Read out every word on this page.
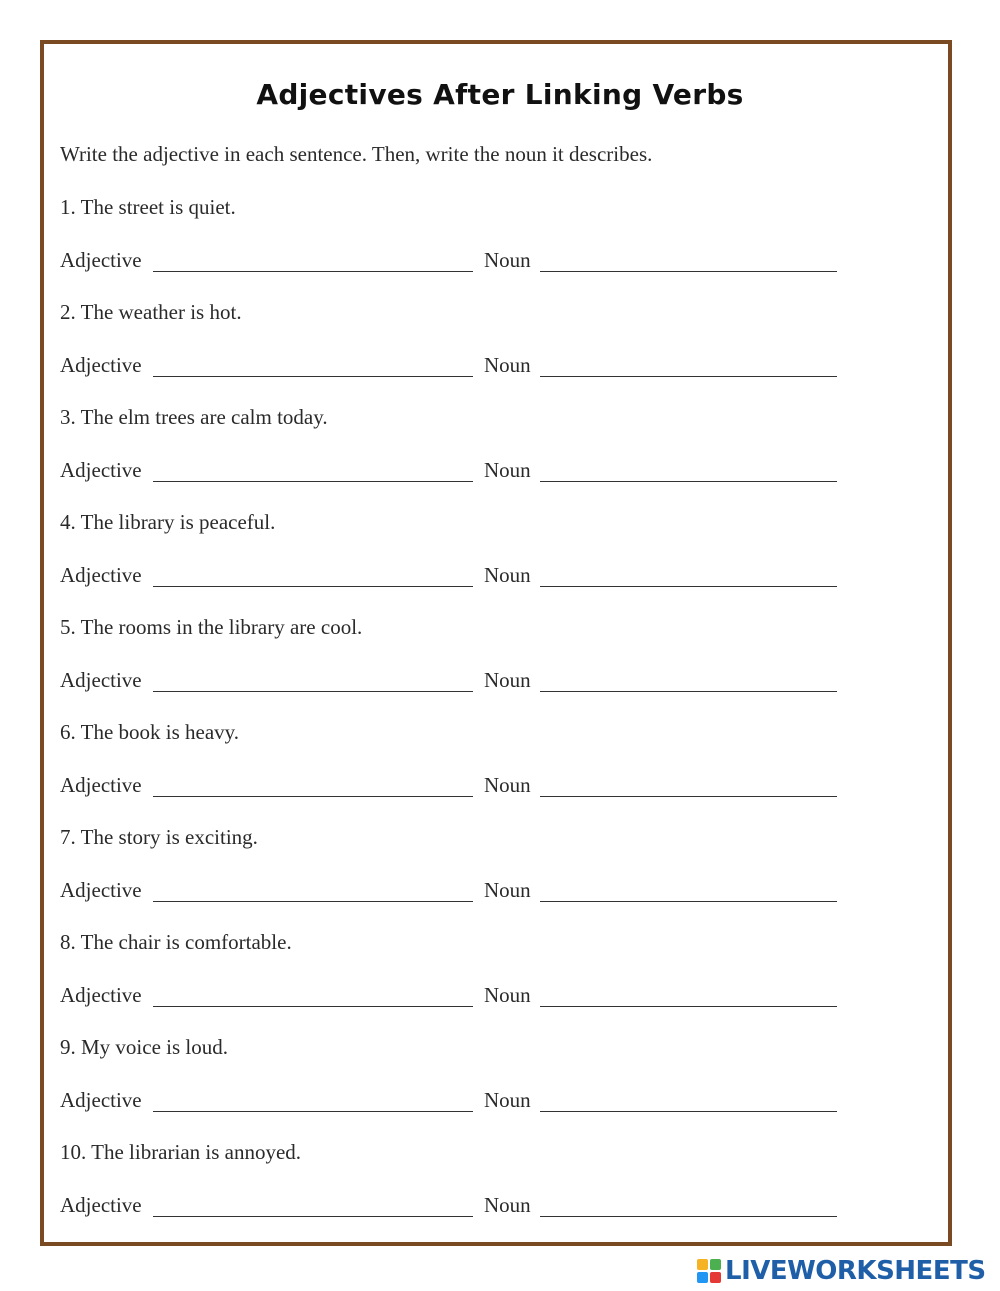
Adjectives After Linking Verbs
Write the adjective in each sentence. Then, write the noun it describes.
1. The street is quiet.
Adjective	Noun
2. The weather is hot.
Adjective	Noun
3. The elm trees are calm today.
Adjective	Noun
4. The library is peaceful.
Adjective	Noun
5. The rooms in the library are cool.
Adjective	Noun
6. The book is heavy.
Adjective	Noun
7. The story is exciting.
Adjective	Noun
8. The chair is comfortable.
Adjective	Noun
9. My voice is loud.
Adjective	Noun
10. The librarian is annoyed.
Adjective	Noun
LIVEWORKSHEETS
